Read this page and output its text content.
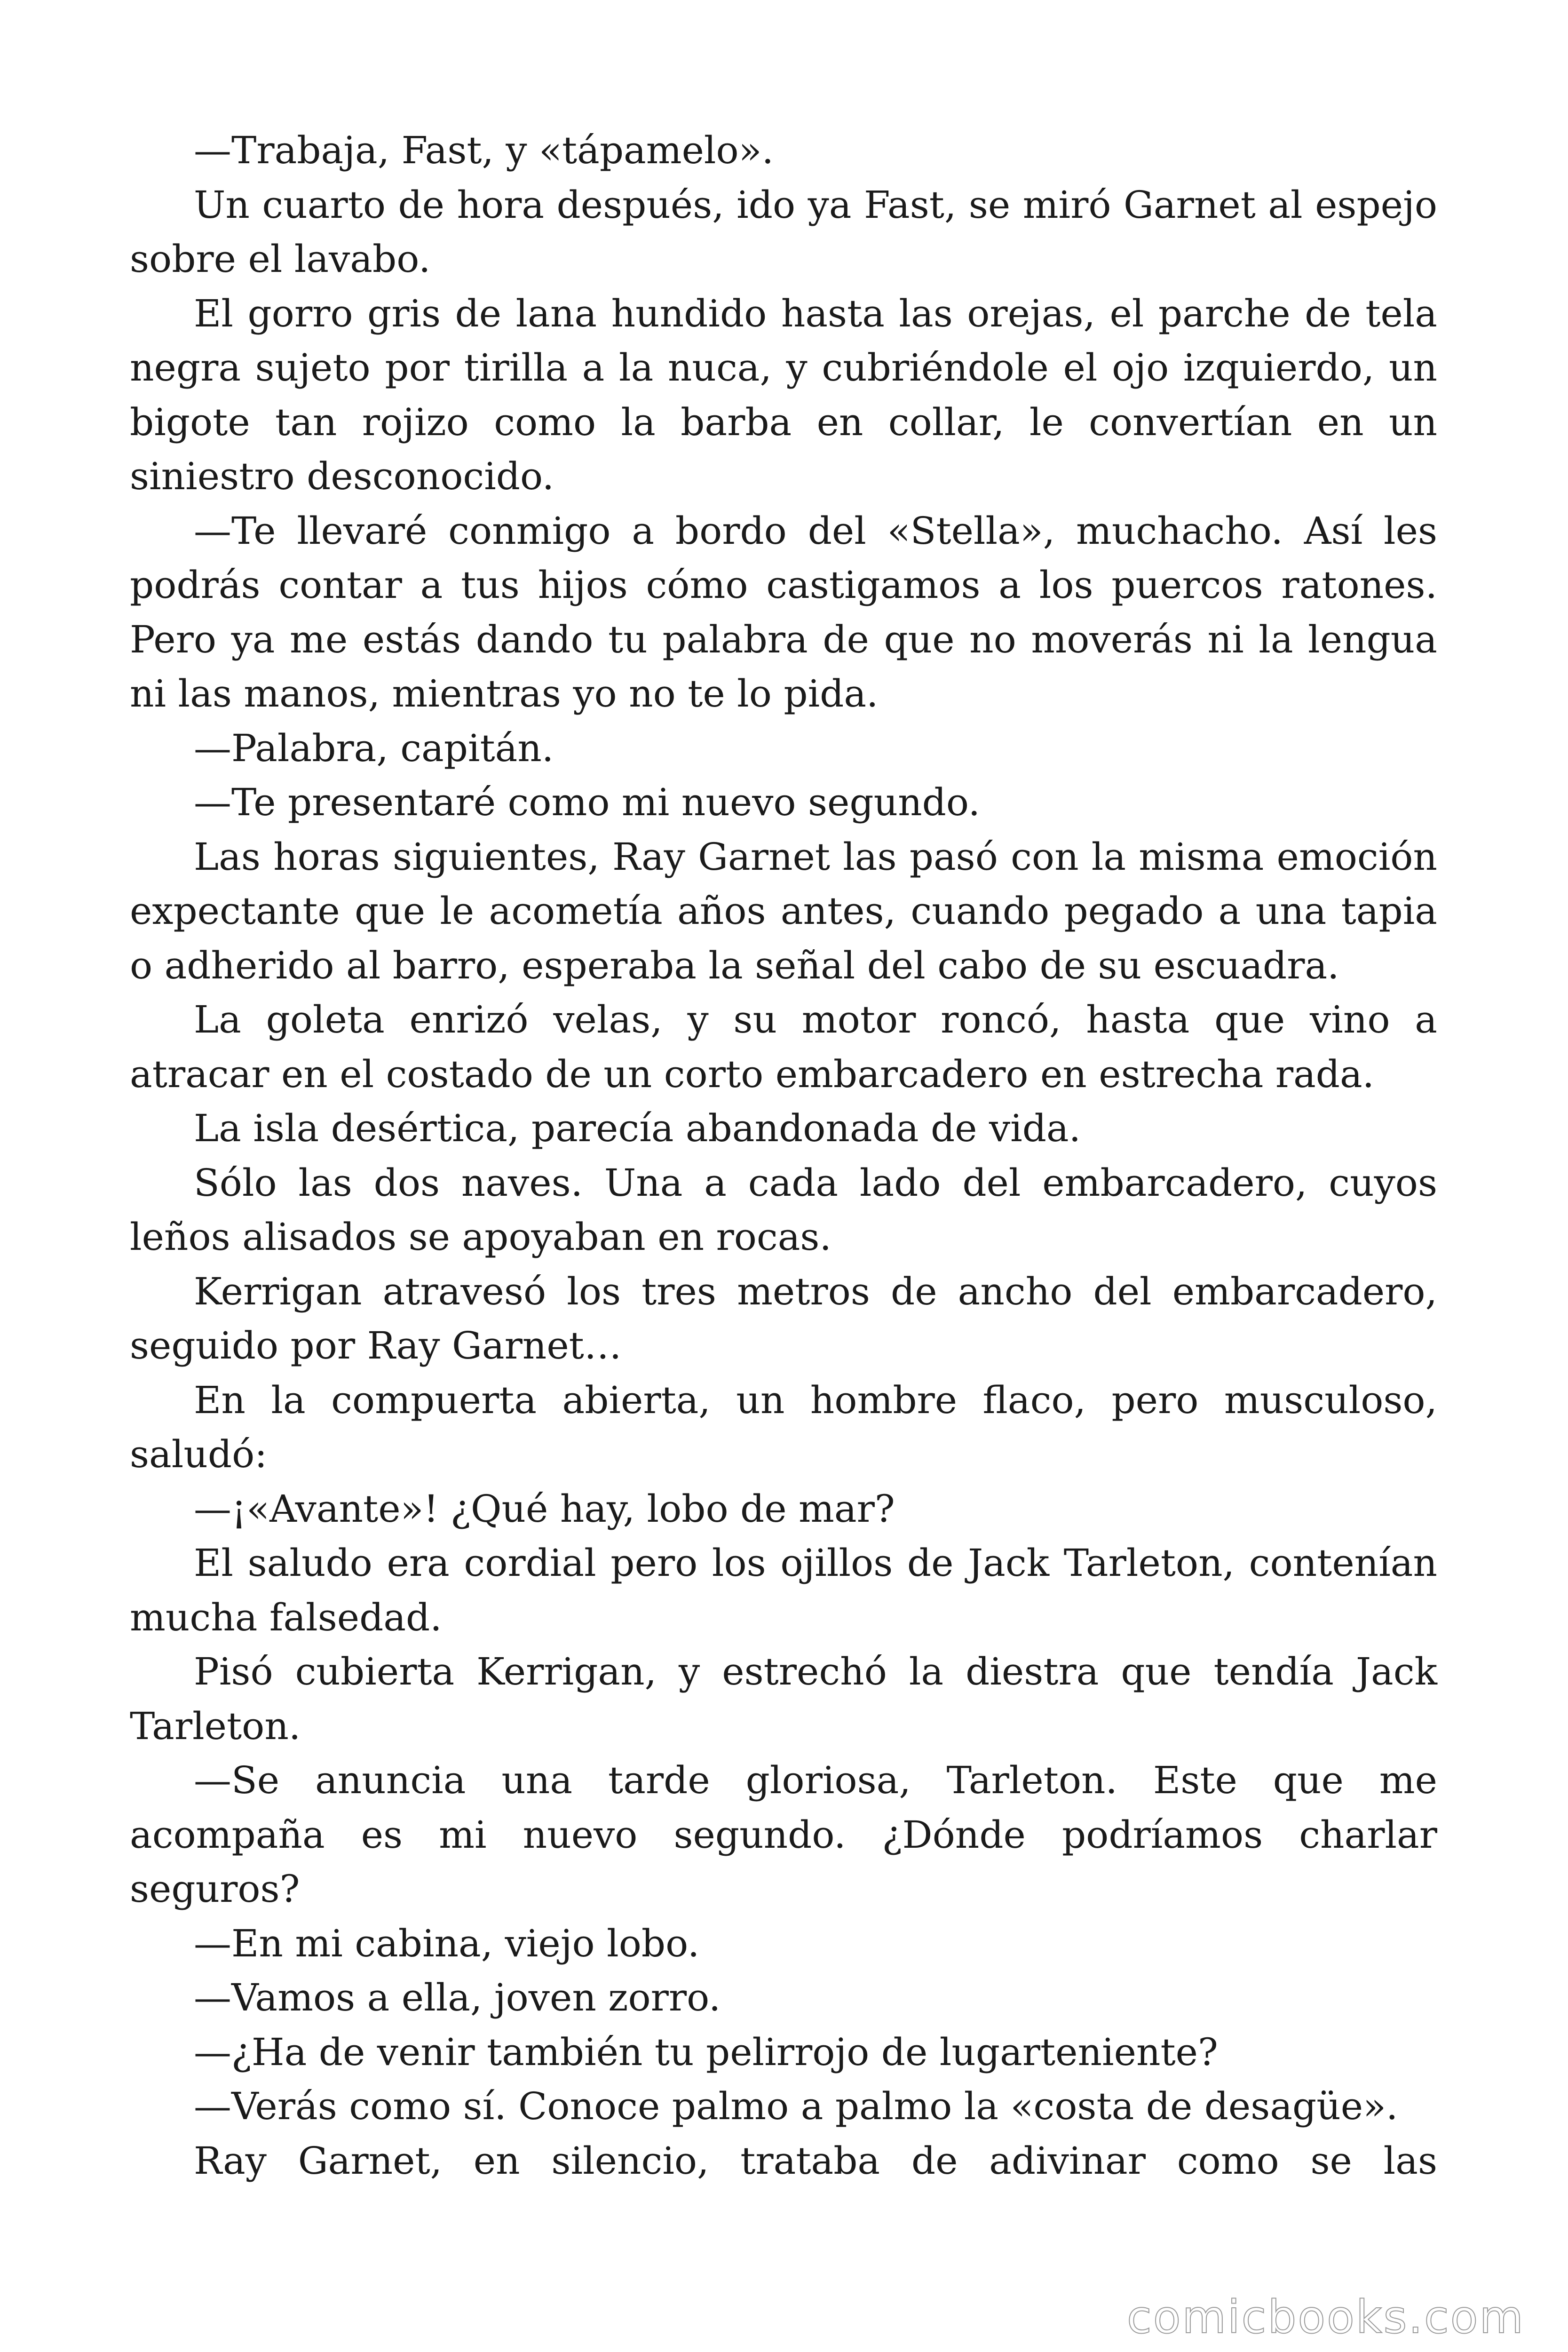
—Trabaja, Fast, y «tápamelo».

Un cuarto de hora después, ido ya Fast, se miró Garnet al espejo sobre el lavabo.

El gorro gris de lana hundido hasta las orejas, el parche de tela negra sujeto por tirilla a la nuca, y cubriéndole el ojo izquierdo, un bigote tan rojizo como la barba en collar, le convertían en un siniestro desconocido.

—Te llevaré conmigo a bordo del «Stella», muchacho. Así les podrás contar a tus hijos cómo castigamos a los puercos ratones. Pero ya me estás dando tu palabra de que no moverás ni la lengua ni las manos, mientras yo no te lo pida.

—Palabra, capitán.

—Te presentaré como mi nuevo segundo.

Las horas siguientes, Ray Garnet las pasó con la misma emoción expectante que le acometía años antes, cuando pegado a una tapia o adherido al barro, esperaba la señal del cabo de su escuadra.

La goleta enrizó velas, y su motor roncó, hasta que vino a atracar en el costado de un corto embarcadero en estrecha rada.

La isla desértica, parecía abandonada de vida.

Sólo las dos naves. Una a cada lado del embarcadero, cuyos leños alisados se apoyaban en rocas.

Kerrigan atravesó los tres metros de ancho del embarcadero, seguido por Ray Garnet…

En la compuerta abierta, un hombre flaco, pero musculoso, saludó:

—¡«Avante»! ¿Qué hay, lobo de mar?

El saludo era cordial pero los ojillos de Jack Tarleton, contenían mucha falsedad.

Pisó cubierta Kerrigan, y estrechó la diestra que tendía Jack Tarleton.

—Se anuncia una tarde gloriosa, Tarleton. Este que me acompaña es mi nuevo segundo. ¿Dónde podríamos charlar seguros?

—En mi cabina, viejo lobo.

—Vamos a ella, joven zorro.

—¿Ha de venir también tu pelirrojo de lugarteniente?

—Verás como sí. Conoce palmo a palmo la «costa de desagüe».

Ray Garnet, en silencio, trataba de adivinar como se las

comicbooks.com
